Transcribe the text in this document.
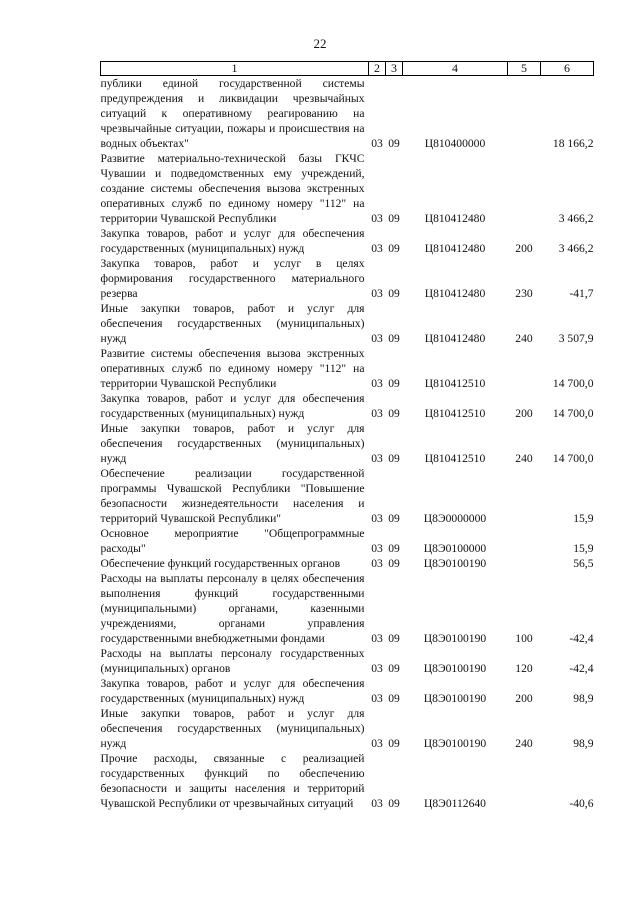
22
1	2	3	4	5	6
публики единой государственной системы предупреждения и ликвидации чрезвычайных ситуаций к оперативному реагированию на чрезвычайные ситуации, пожары и происшествия на водных объектах"	03	09	Ц810400000		18 166,2
Развитие материально-технической базы ГКЧС Чувашии и подведомственных ему учреждений, создание системы обеспечения вызова экстренных оперативных служб по единому номеру "112" на территории Чувашской Республики	03	09	Ц810412480		3 466,2
Закупка товаров, работ и услуг для обеспечения государственных (муниципальных) нужд	03	09	Ц810412480	200	3 466,2
Закупка товаров, работ и услуг в целях формирования государственного материального резерва	03	09	Ц810412480	230	-41,7
Иные закупки товаров, работ и услуг для обеспечения государственных (муниципальных) нужд	03	09	Ц810412480	240	3 507,9
Развитие системы обеспечения вызова экстренных оперативных служб по единому номеру "112" на территории Чувашской Республики	03	09	Ц810412510		14 700,0
Закупка товаров, работ и услуг для обеспечения государственных (муниципальных) нужд	03	09	Ц810412510	200	14 700,0
Иные закупки товаров, работ и услуг для обеспечения государственных (муниципальных) нужд	03	09	Ц810412510	240	14 700,0
Обеспечение реализации государственной программы Чувашской Республики "Повышение безопасности жизнедеятельности населения и территорий Чувашской Республики"	03	09	Ц8Э0000000		15,9
Основное мероприятие "Общепрограммные расходы"	03	09	Ц8Э0100000		15,9
Обеспечение функций государственных органов	03	09	Ц8Э0100190		56,5
Расходы на выплаты персоналу в целях обеспечения выполнения функций государственными (муниципальными) органами, казенными учреждениями, органами управления государственными внебюджетными фондами	03	09	Ц8Э0100190	100	-42,4
Расходы на выплаты персоналу государственных (муниципальных) органов	03	09	Ц8Э0100190	120	-42,4
Закупка товаров, работ и услуг для обеспечения государственных (муниципальных) нужд	03	09	Ц8Э0100190	200	98,9
Иные закупки товаров, работ и услуг для обеспечения государственных (муниципальных) нужд	03	09	Ц8Э0100190	240	98,9
Прочие расходы, связанные с реализацией государственных функций по обеспечению безопасности и защиты населения и территорий Чувашской Республики от чрезвычайных ситуаций	03	09	Ц8Э0112640		-40,6
